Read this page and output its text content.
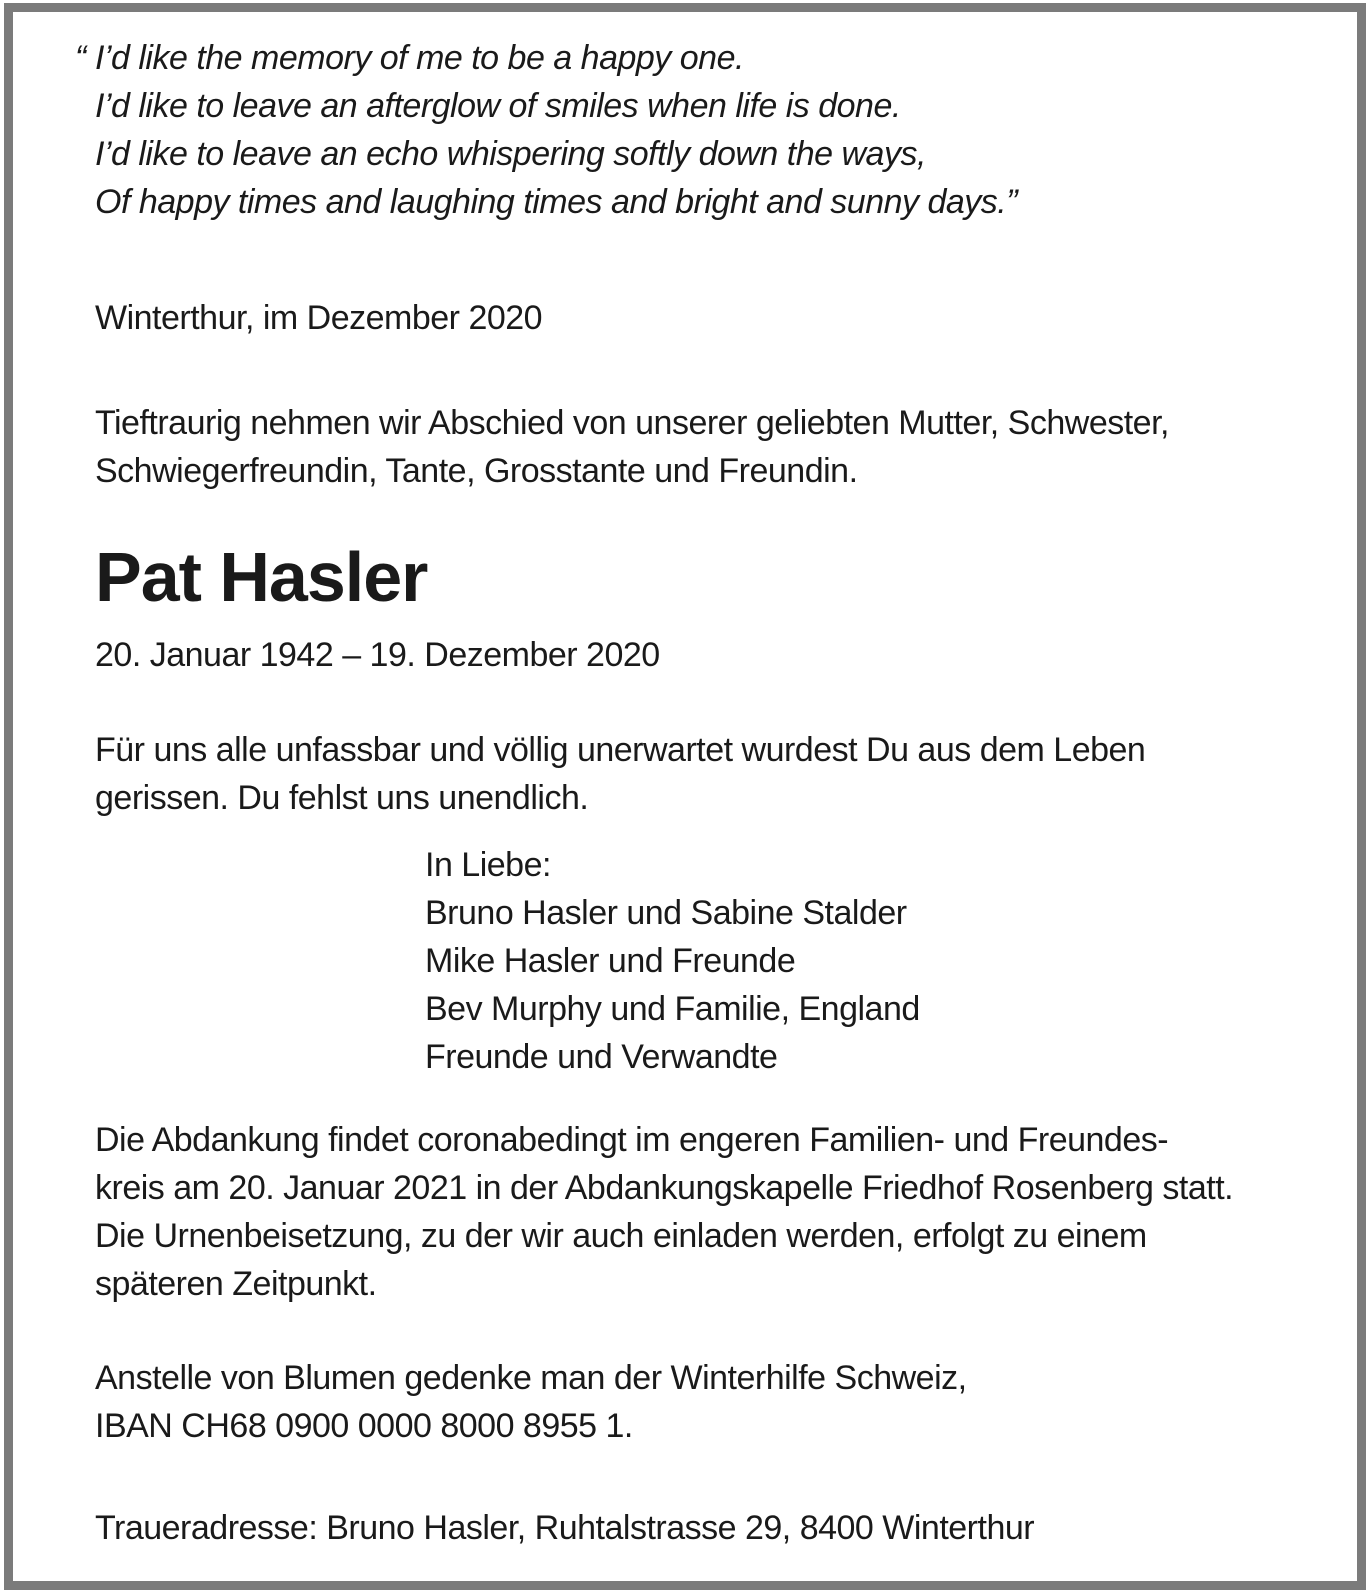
“ I’d like the memory of me to be a happy one.
I’d like to leave an afterglow of smiles when life is done.
I’d like to leave an echo whispering softly down the ways,
Of happy times and laughing times and bright and sunny days.”
Winterthur, im Dezember 2020
Tieftraurig nehmen wir Abschied von unserer geliebten Mutter, Schwester,
Schwiegerfreundin, Tante, Grosstante und Freundin.
Pat Hasler
20. Januar 1942 – 19. Dezember 2020
Für uns alle unfassbar und völlig unerwartet wurdest Du aus dem Leben
gerissen. Du fehlst uns unendlich.
In Liebe:
Bruno Hasler und Sabine Stalder
Mike Hasler und Freunde
Bev Murphy und Familie, England
Freunde und Verwandte
Die Abdankung findet coronabedingt im engeren Familien- und Freundes-
kreis am 20. Januar 2021 in der Abdankungskapelle Friedhof Rosenberg statt.
Die Urnenbeisetzung, zu der wir auch einladen werden, erfolgt zu einem
späteren Zeitpunkt.
Anstelle von Blumen gedenke man der Winterhilfe Schweiz,
IBAN CH68 0900 0000 8000 8955 1.
Traueradresse: Bruno Hasler, Ruhtalstrasse 29, 8400 Winterthur
